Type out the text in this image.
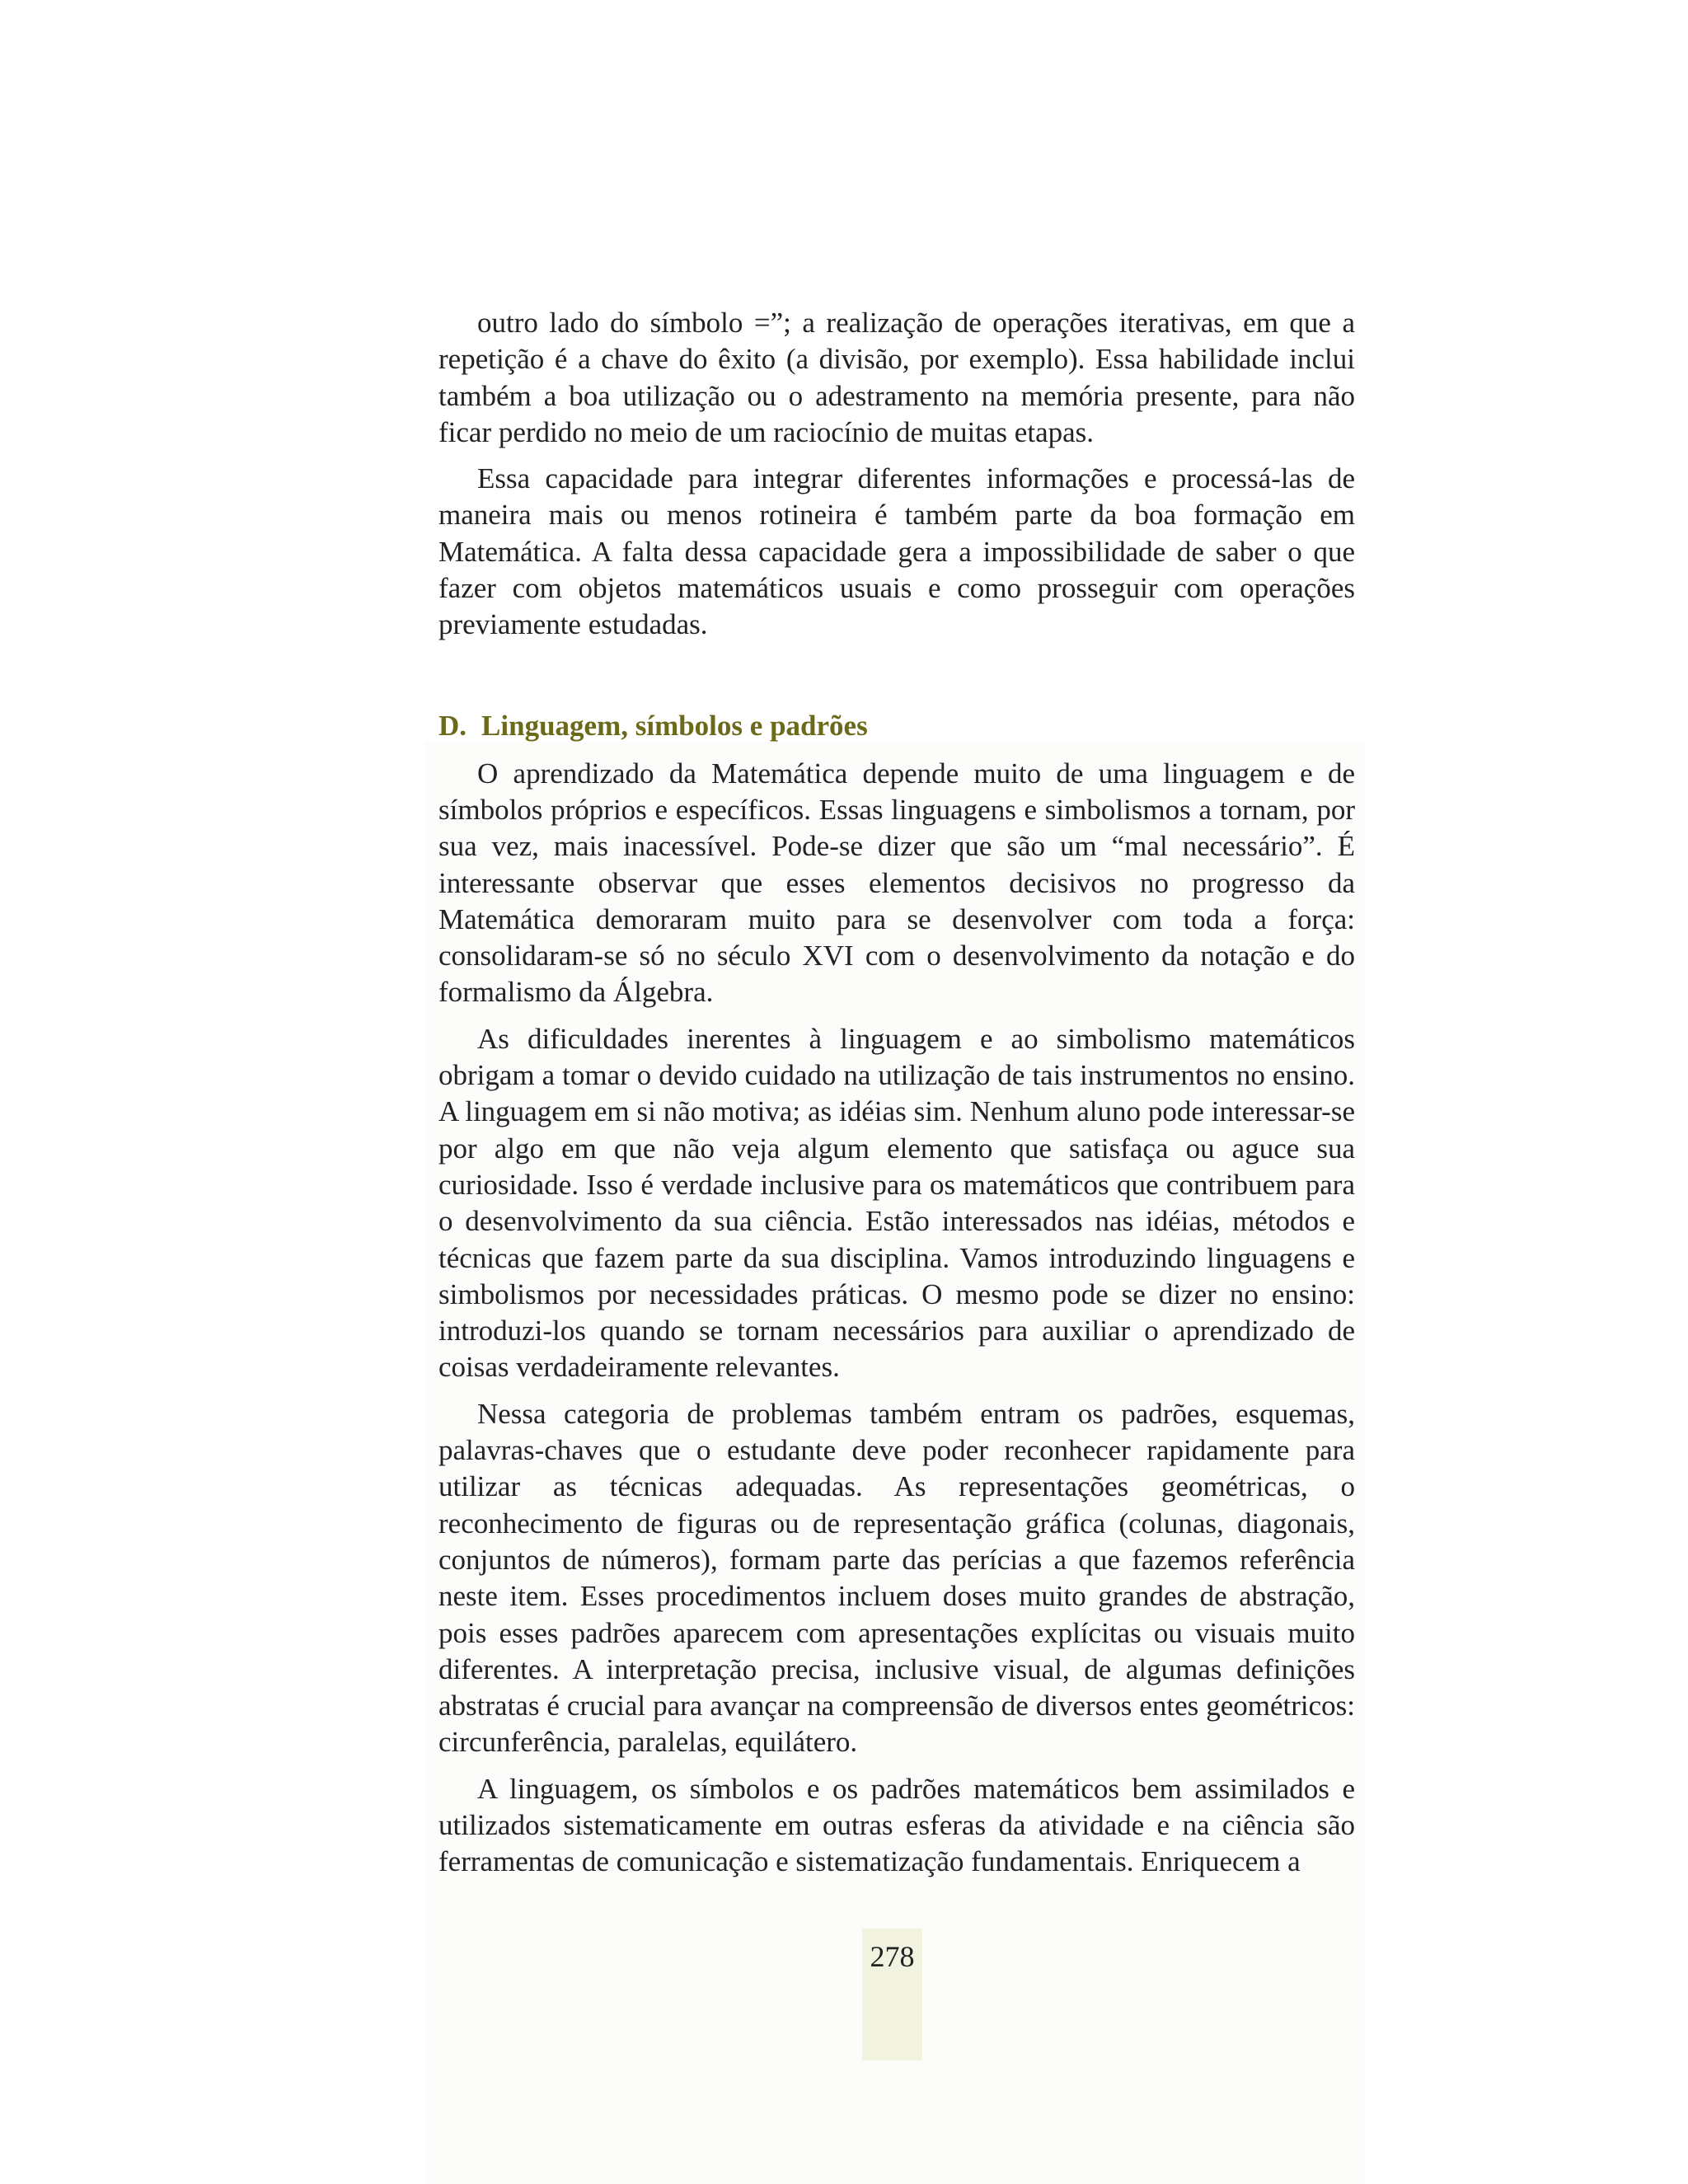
outro lado do símbolo =”; a realização de operações iterativas, em que a repetição é a chave do êxito (a divisão, por exemplo). Essa habilidade inclui também a boa utilização ou o adestramento na memória presente, para não ficar perdido no meio de um raciocínio de muitas etapas.

Essa capacidade para integrar diferentes informações e processá-las de maneira mais ou menos rotineira é também parte da boa formação em Matemática. A falta dessa capacidade gera a impossibilidade de saber o que fazer com objetos matemáticos usuais e como prosseguir com operações previamente estudadas.

D. Linguagem, símbolos e padrões

O aprendizado da Matemática depende muito de uma linguagem e de símbolos próprios e específicos. Essas linguagens e simbolismos a tornam, por sua vez, mais inacessível. Pode-se dizer que são um “mal necessário”. É interessante observar que esses elementos decisivos no progresso da Matemática demoraram muito para se desenvolver com toda a força: consolidaram-se só no século XVI com o desenvolvimento da notação e do formalismo da Álgebra.

As dificuldades inerentes à linguagem e ao simbolismo matemáticos obrigam a tomar o devido cuidado na utilização de tais instrumentos no ensino. A linguagem em si não motiva; as idéias sim. Nenhum aluno pode interessar-se por algo em que não veja algum elemento que satisfaça ou aguce sua curiosidade. Isso é verdade inclusive para os matemáticos que contribuem para o desenvolvimento da sua ciência. Estão interessados nas idéias, métodos e técnicas que fazem parte da sua disciplina. Vamos introduzindo linguagens e simbolismos por necessidades práticas. O mesmo pode se dizer no ensino: introduzi-los quando se tornam necessários para auxiliar o aprendizado de coisas verdadeiramente relevantes.

Nessa categoria de problemas também entram os padrões, esquemas, palavras-chaves que o estudante deve poder reconhecer rapidamente para utilizar as técnicas adequadas. As representações geométricas, o reconhecimento de figuras ou de representação gráfica (colunas, diagonais, conjuntos de números), formam parte das perícias a que fazemos referência neste item. Esses procedimentos incluem doses muito grandes de abstração, pois esses padrões aparecem com apresentações explícitas ou visuais muito diferentes. A interpretação precisa, inclusive visual, de algumas definições abstratas é crucial para avançar na compreensão de diversos entes geométricos: circunferência, paralelas, equilátero.

A linguagem, os símbolos e os padrões matemáticos bem assimilados e utilizados sistematicamente em outras esferas da atividade e na ciência são ferramentas de comunicação e sistematização fundamentais. Enriquecem a

278
